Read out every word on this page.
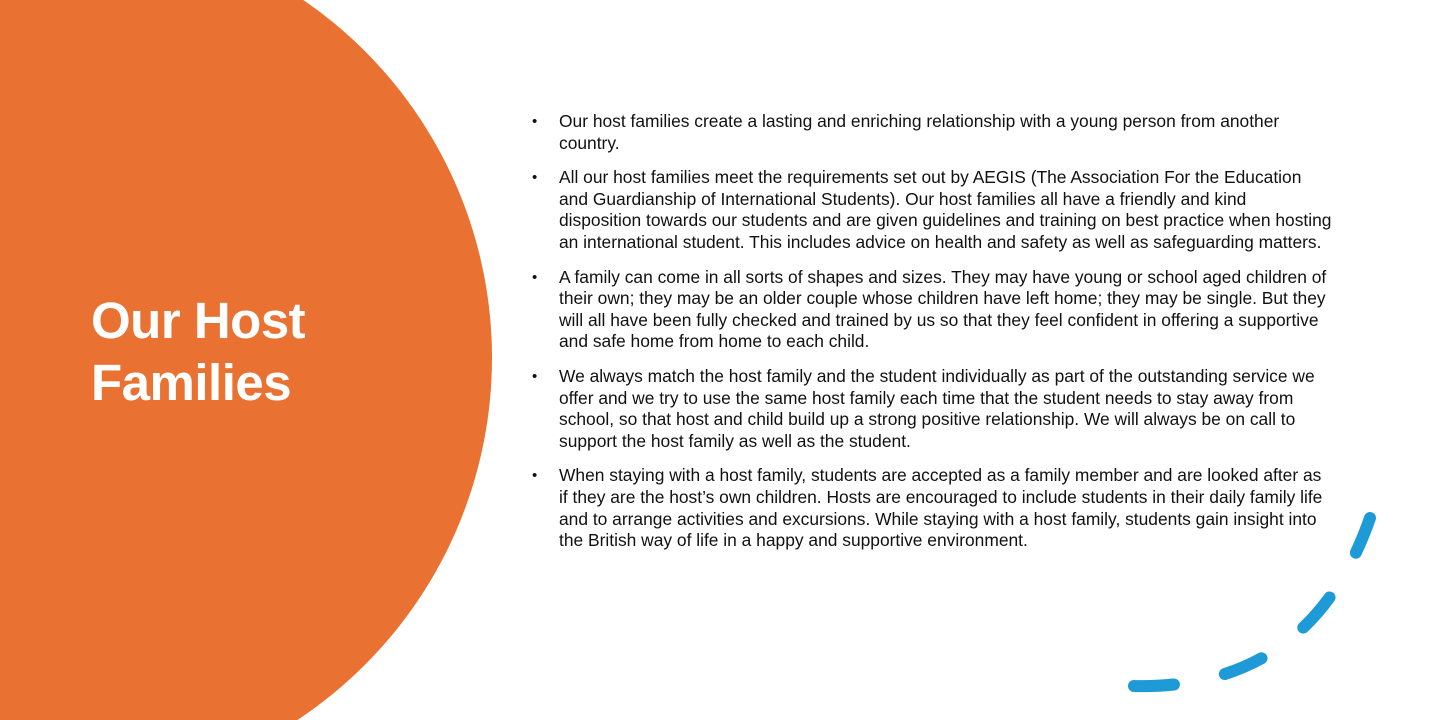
Our Host
Families
• Our host families create a lasting and enriching relationship with a young person from another country.
• All our host families meet the requirements set out by AEGIS (The Association For the Education and Guardianship of International Students). Our host families all have a friendly and kind disposition towards our students and are given guidelines and training on best practice when hosting an international student. This includes advice on health and safety as well as safeguarding matters.
• A family can come in all sorts of shapes and sizes. They may have young or school aged children of their own; they may be an older couple whose children have left home; they may be single. But they will all have been fully checked and trained by us so that they feel confident in offering a supportive and safe home from home to each child.
• We always match the host family and the student individually as part of the outstanding service we offer and we try to use the same host family each time that the student needs to stay away from school, so that host and child build up a strong positive relationship. We will always be on call to support the host family as well as the student.
• When staying with a host family, students are accepted as a family member and are looked after as if they are the host’s own children. Hosts are encouraged to include students in their daily family life and to arrange activities and excursions. While staying with a host family, students gain insight into the British way of life in a happy and supportive environment.
